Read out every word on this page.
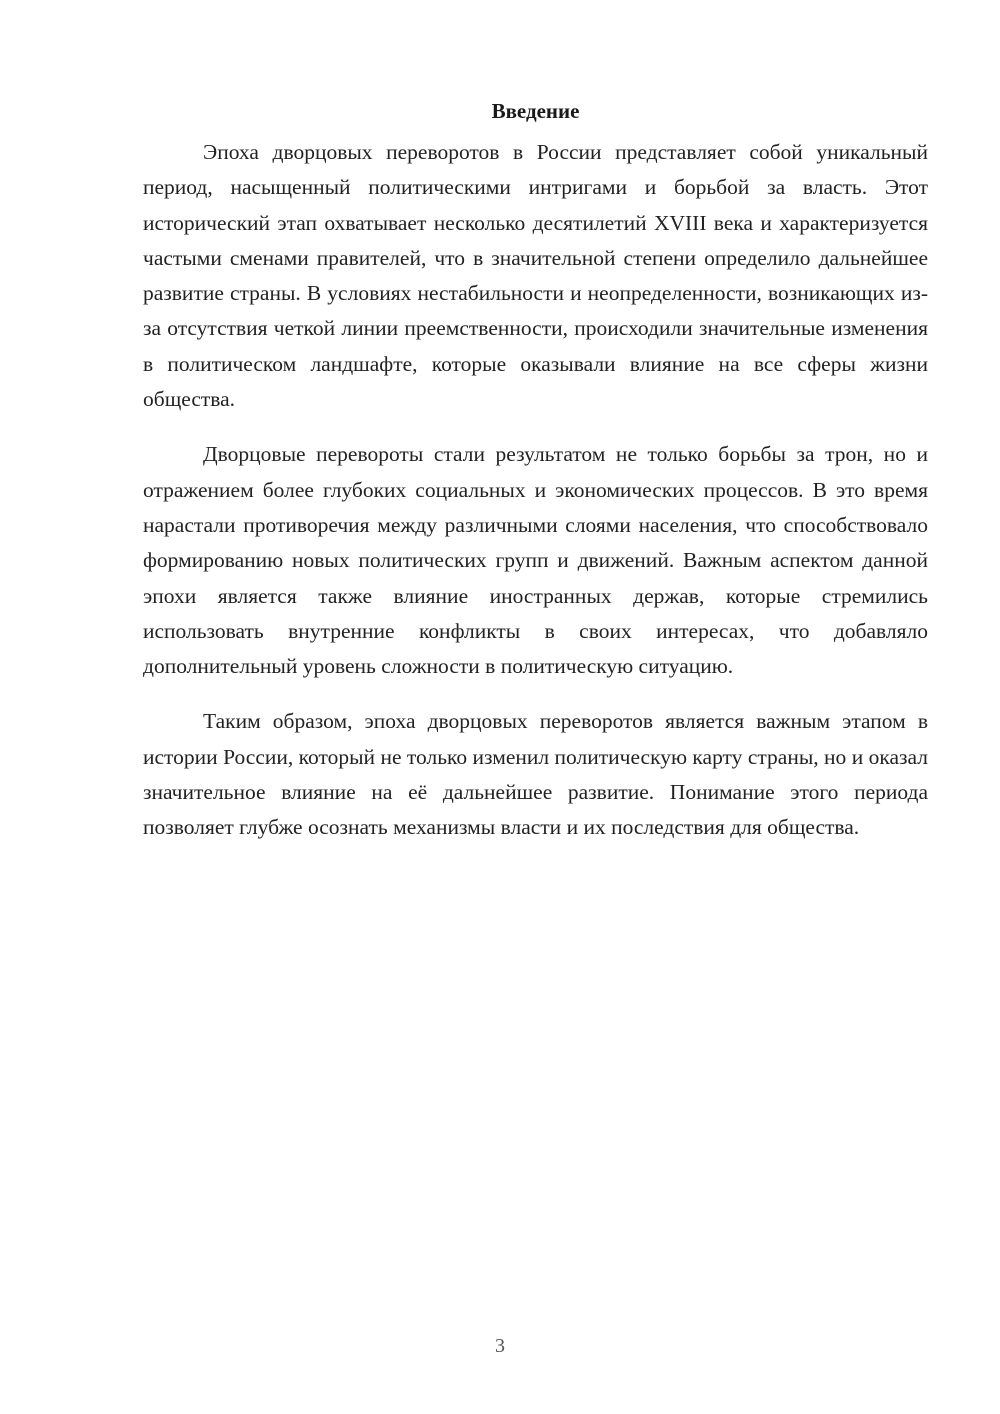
Введение

Эпоха дворцовых переворотов в России представляет собой уникальный период, насыщенный политическими интригами и борьбой за власть. Этот исторический этап охватывает несколько десятилетий XVIII века и характеризуется частыми сменами правителей, что в значительной степени определило дальнейшее развитие страны. В условиях нестабильности и неопределенности, возникающих из-за отсутствия четкой линии преемственности, происходили значительные изменения в политическом ландшафте, которые оказывали влияние на все сферы жизни общества.

Дворцовые перевороты стали результатом не только борьбы за трон, но и отражением более глубоких социальных и экономических процессов. В это время нарастали противоречия между различными слоями населения, что способствовало формированию новых политических групп и движений. Важным аспектом данной эпохи является также влияние иностранных держав, которые стремились использовать внутренние конфликты в своих интересах, что добавляло дополнительный уровень сложности в политическую ситуацию.

Таким образом, эпоха дворцовых переворотов является важным этапом в истории России, который не только изменил политическую карту страны, но и оказал значительное влияние на её дальнейшее развитие. Понимание этого периода позволяет глубже осознать механизмы власти и их последствия для общества.

3
